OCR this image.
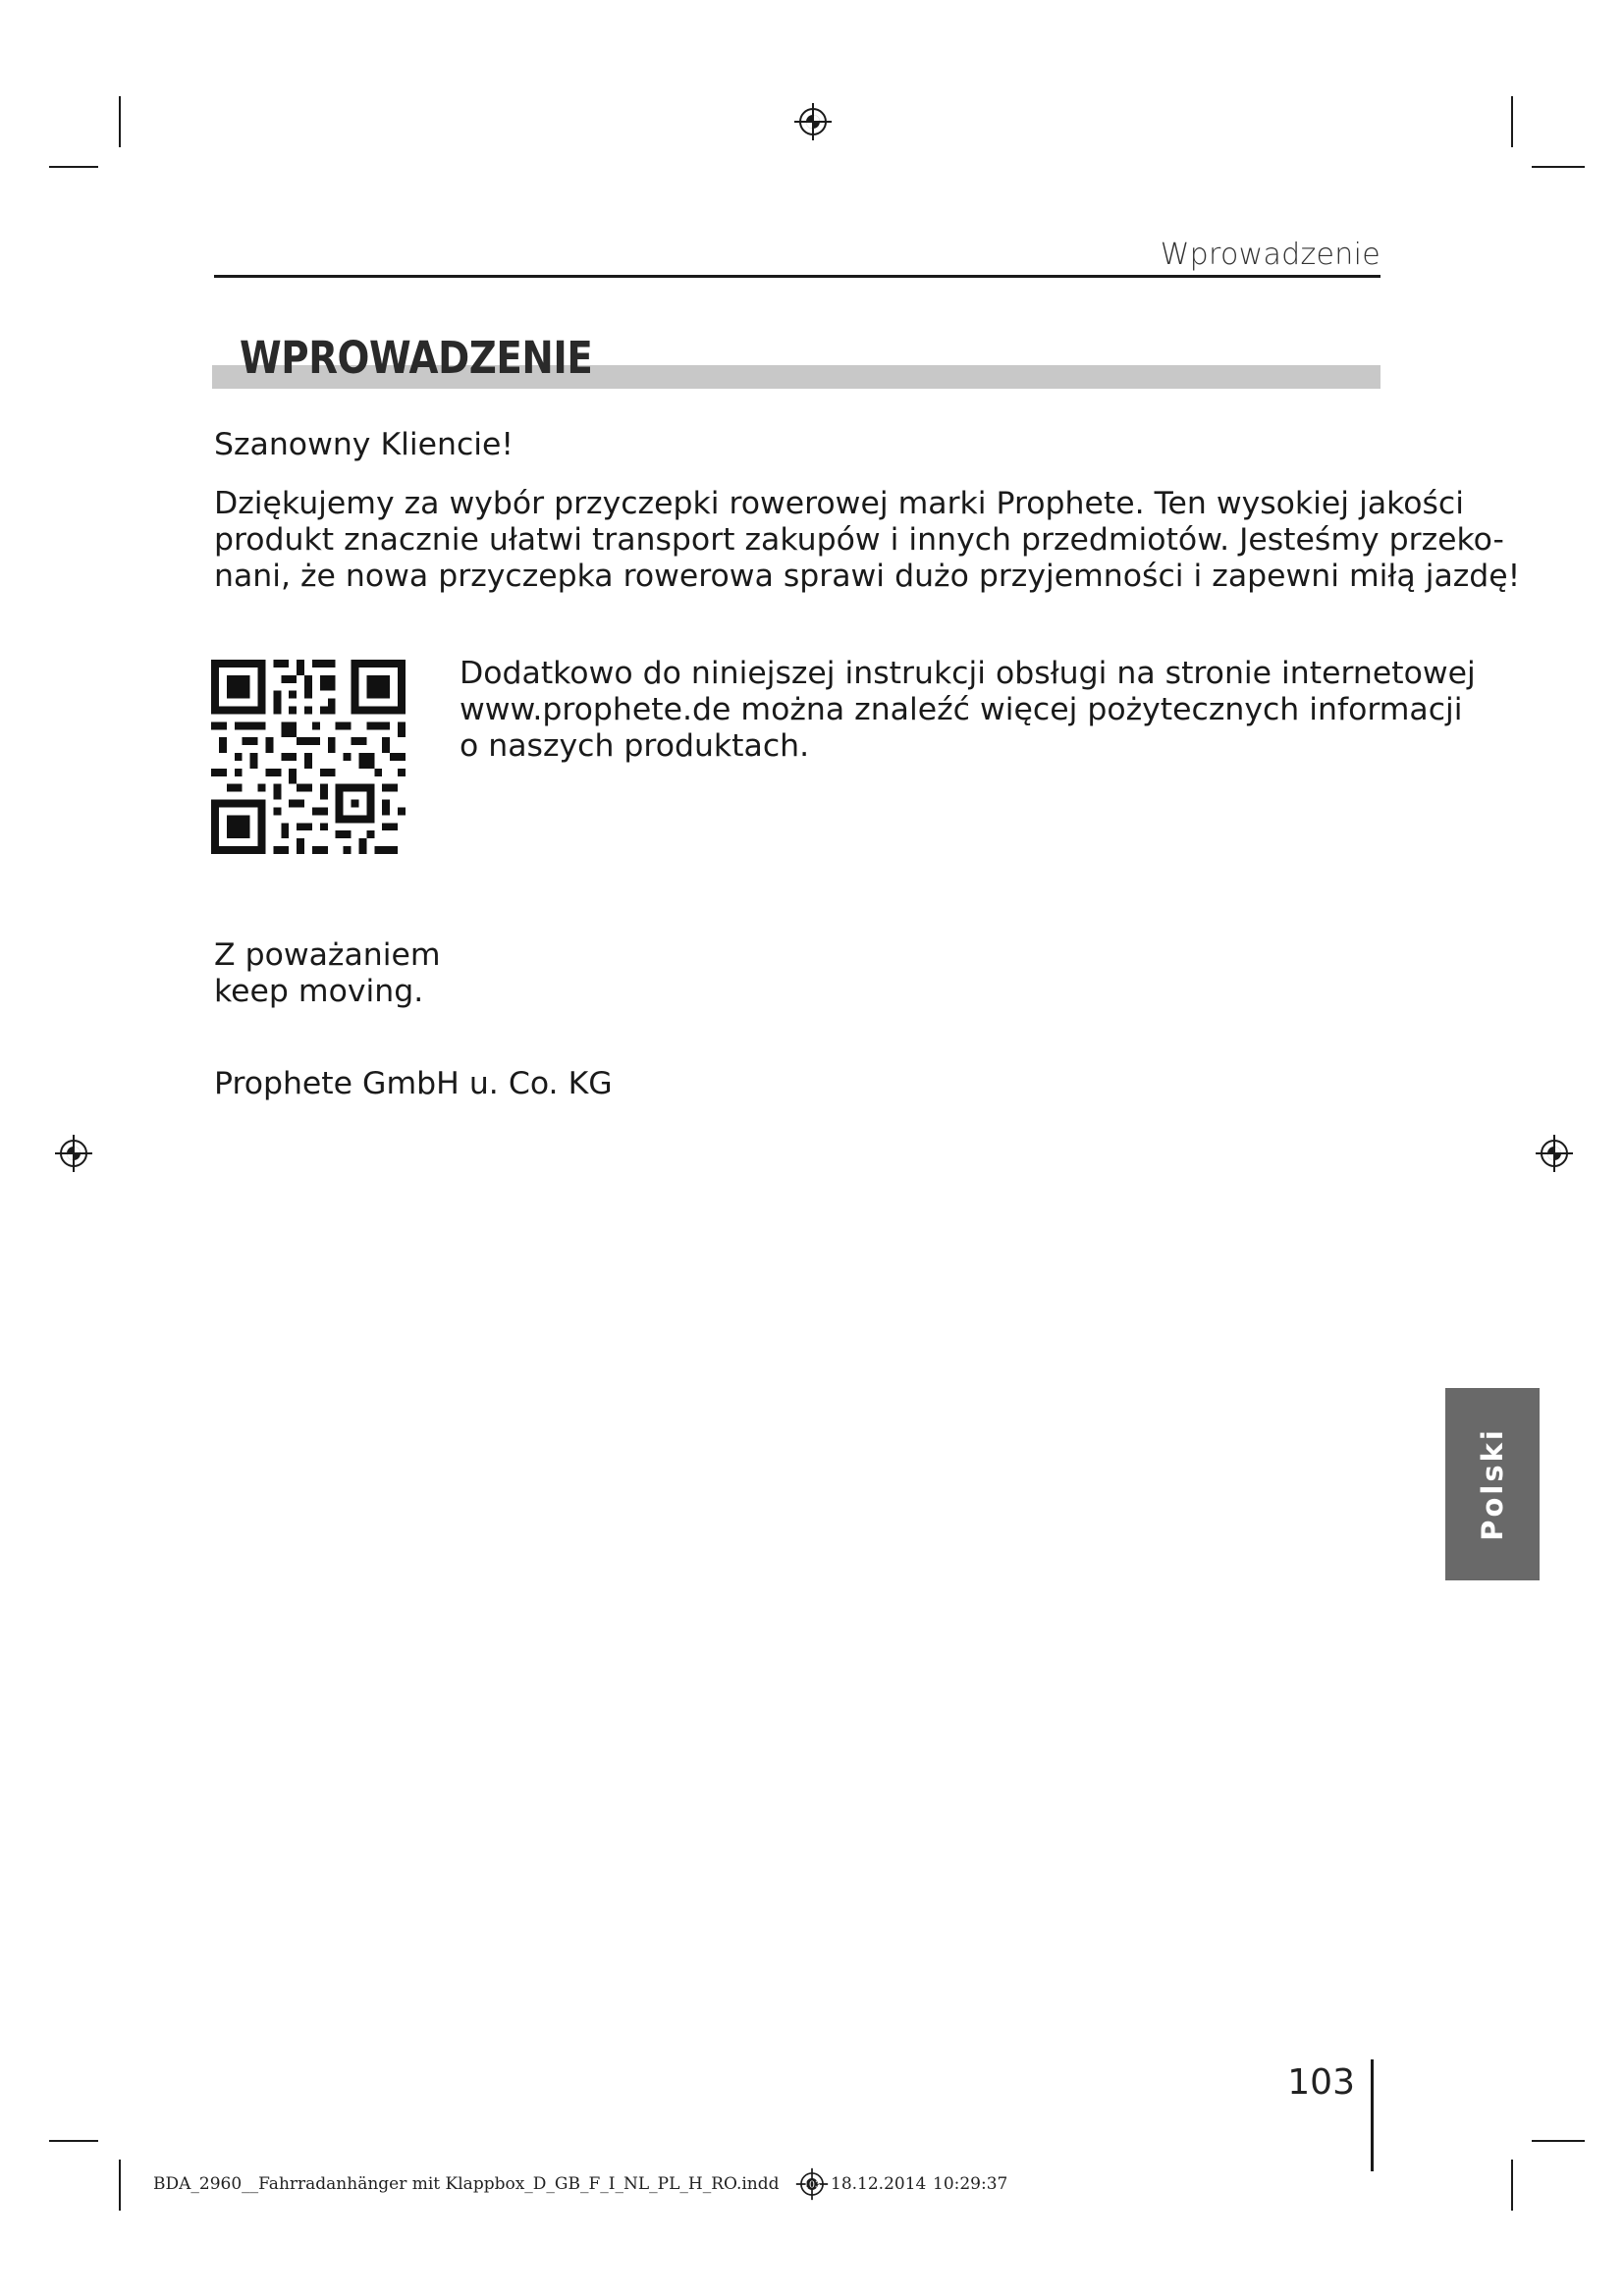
Wprowadzenie
WPROWADZENIE

Szanowny Kliencie!

Dziękujemy za wybór przyczepki rowerowej marki Prophete. Ten wysokiej jakości
produkt znacznie ułatwi transport zakupów i innych przedmiotów. Jesteśmy przeko-
nani, że nowa przyczepka rowerowa sprawi dużo przyjemności i zapewni miłą jazdę!

Dodatkowo do niniejszej instrukcji obsługi na stronie internetowej
www.prophete.de można znaleźć więcej pożytecznych informacji
o naszych produktach.

Z poważaniem
keep moving.

Prophete GmbH u. Co. KG

Polski
103
BDA_2960__Fahrradanhänger mit Klappbox_D_GB_F_I_NL_PL_H_RO.indd 103 18.12.2014 10:29:37
